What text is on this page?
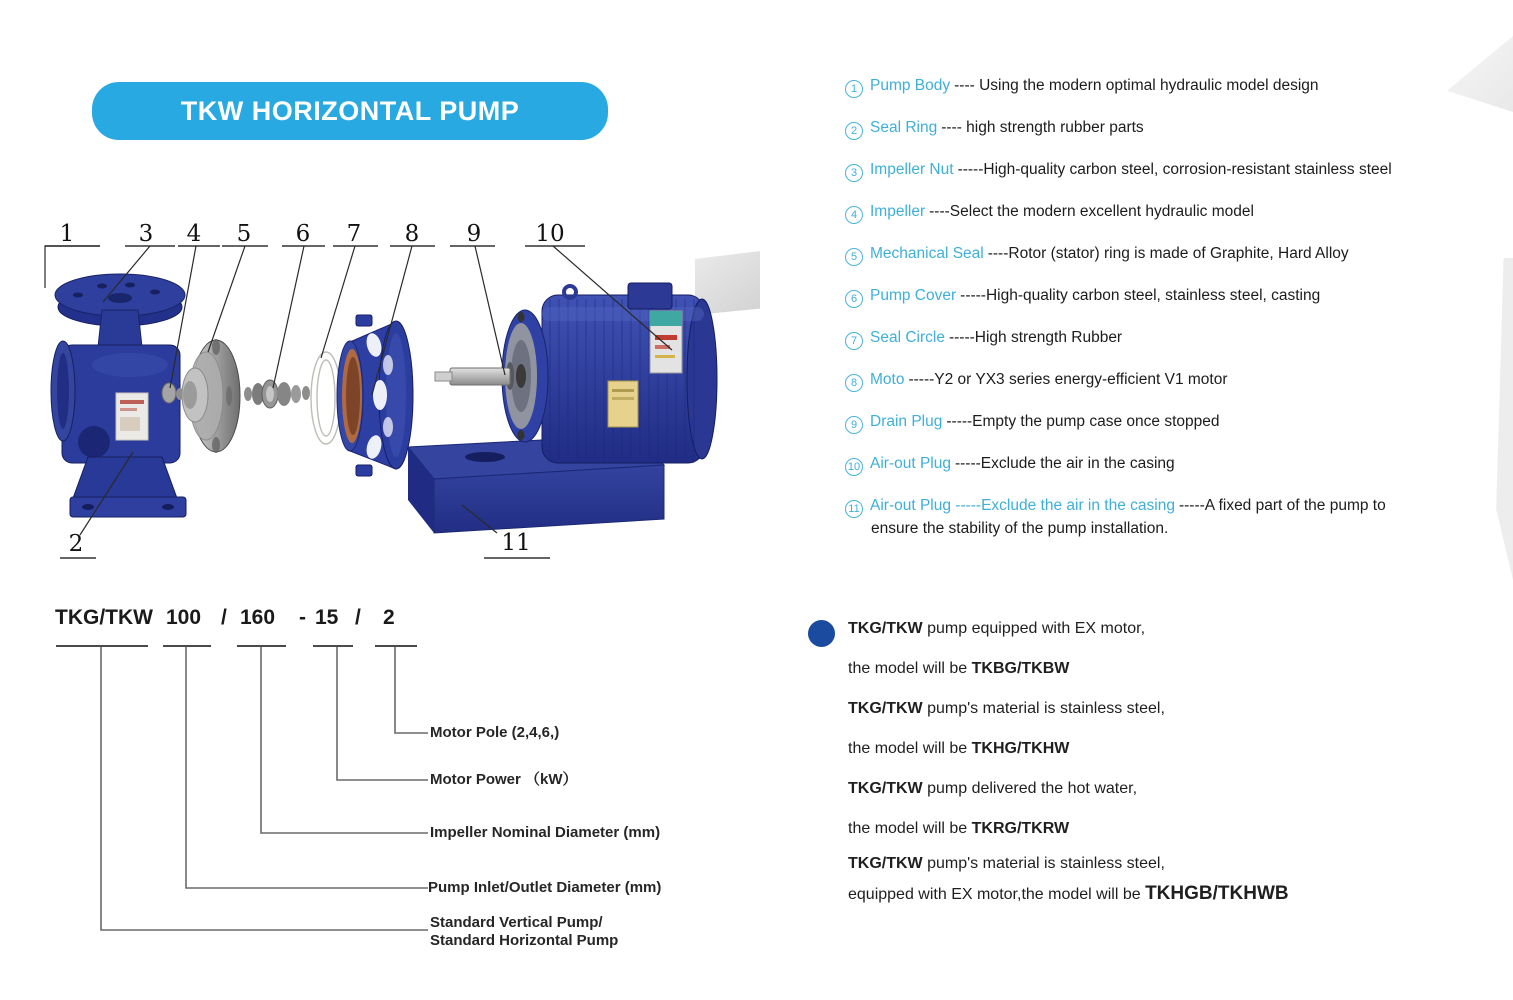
TKW HORIZONTAL PUMP
1	3 4 5 6 7 8 9 10
2	11
1 Pump Body ---- Using the modern optimal hydraulic model design
2 Seal Ring ---- high strength rubber parts
3 Impeller Nut -----High-quality carbon steel, corrosion-resistant stainless steel
4 Impeller ----Select the modern excellent hydraulic model
5 Mechanical Seal ----Rotor (stator) ring is made of Graphite, Hard Alloy
6 Pump Cover -----High-quality carbon steel, stainless steel, casting
7 Seal Circle -----High strength Rubber
8 Moto -----Y2 or YX3 series energy-efficient V1 motor
9 Drain Plug -----Empty the pump case once stopped
10 Air-out Plug -----Exclude the air in the casing
11 Air-out Plug -----Exclude the air in the casing -----A fixed part of the pump to
ensure the stability of the pump installation.
TKG/TKW 100 / 160 - 15 / 2
Motor Pole (2,4,6,)
Motor Power （kW）
Impeller Nominal Diameter (mm)
Pump Inlet/Outlet Diameter (mm)
Standard Vertical Pump/
Standard Horizontal Pump
TKG/TKW pump equipped with EX motor,
the model will be TKBG/TKBW
TKG/TKW pump's material is stainless steel,
the model will be TKHG/TKHW
TKG/TKW pump delivered the hot water,
the model will be TKRG/TKRW
TKG/TKW pump's material is stainless steel,
equipped with EX motor,the model will be TKHGB/TKHWB
